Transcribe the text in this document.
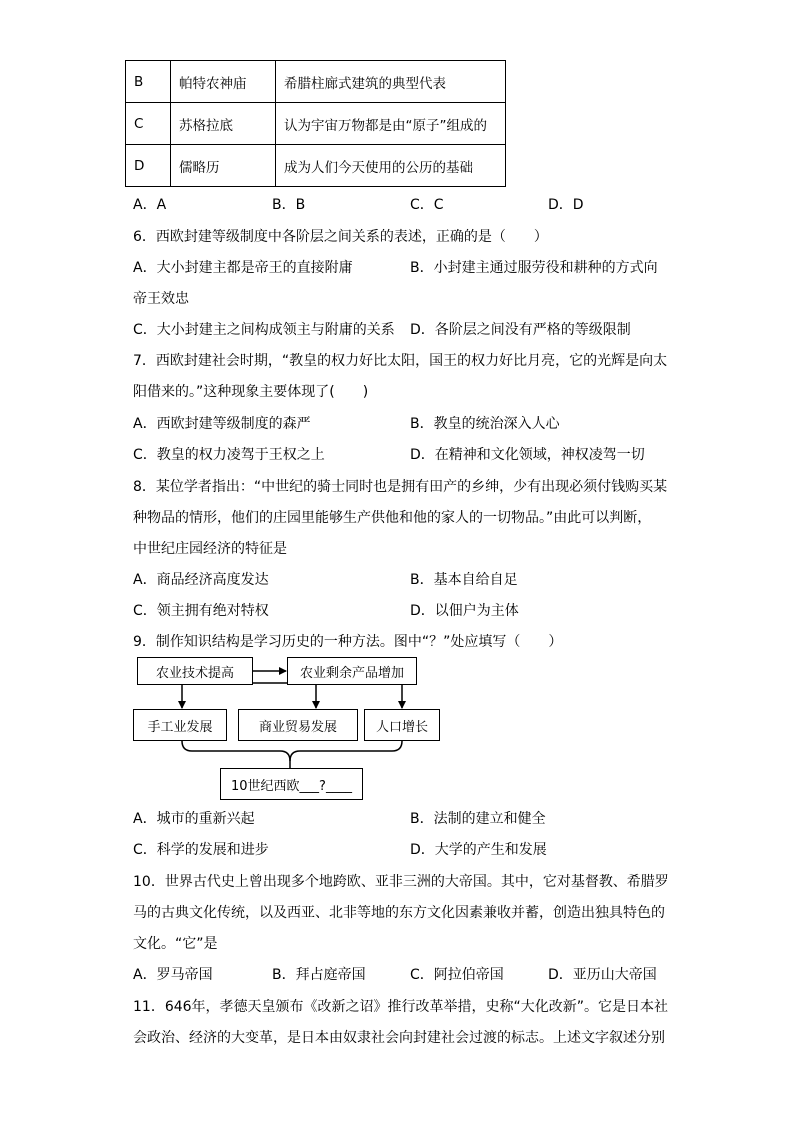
B	帕特农神庙	希腊柱廊式建筑的典型代表
C	苏格拉底	认为宇宙万物都是由“原子”组成的
D	儒略历	成为人们今天使用的公历的基础
A．A	B．B	C．C	D．D
6．西欧封建等级制度中各阶层之间关系的表述，正确的是（　　）
A．大小封建主都是帝王的直接附庸	B．小封建主通过服劳役和耕种的方式向
帝王效忠
C．大小封建主之间构成领主与附庸的关系 D．各阶层之间没有严格的等级限制
7．西欧封建社会时期，“教皇的权力好比太阳，国王的权力好比月亮，它的光辉是向太
阳借来的。”这种现象主要体现了(　　)
A．西欧封建等级制度的森严	B．教皇的统治深入人心
C．教皇的权力凌驾于王权之上	D．在精神和文化领域，神权凌驾一切
8．某位学者指出：“中世纪的骑士同时也是拥有田产的乡绅，少有出现必须付钱购买某
种物品的情形，他们的庄园里能够生产供他和他的家人的一切物品。”由此可以判断，
中世纪庄园经济的特征是
A．商品经济高度发达	B．基本自给自足
C．领主拥有绝对特权	D．以佃户为主体
9．制作知识结构是学习历史的一种方法。图中“？”处应填写（　　）
农业技术提高	农业剩余产品增加
手工业发展	商业贸易发展	人口增长
10世纪西欧___?____
A．城市的重新兴起	B．法制的建立和健全
C．科学的发展和进步	D．大学的产生和发展
10．世界古代史上曾出现多个地跨欧、亚非三洲的大帝国。其中，它对基督教、希腊罗
马的古典文化传统，以及西亚、北非等地的东方文化因素兼收并蓄，创造出独具特色的
文化。“它”是
A．罗马帝国	B．拜占庭帝国	C．阿拉伯帝国	D．亚历山大帝国
11．646年，孝德天皇颁布《改新之诏》推行改革举措，史称“大化改新”。它是日本社
会政治、经济的大变革，是日本由奴隶社会向封建社会过渡的标志。上述文字叙述分别
